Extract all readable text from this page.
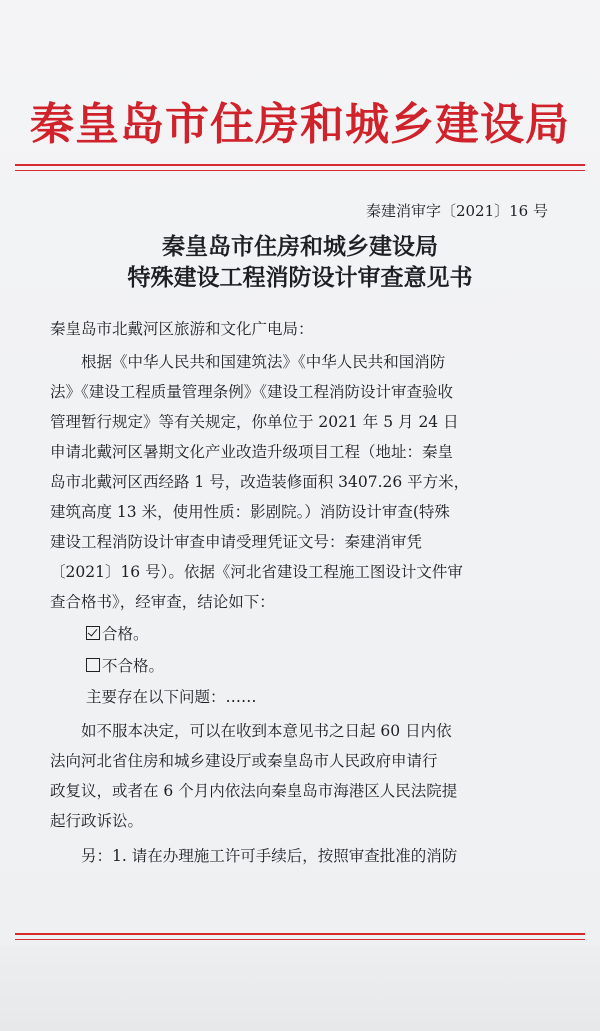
秦皇岛市住房和城乡建设局
秦建消审字〔2021〕16 号
秦皇岛市住房和城乡建设局
特殊建设工程消防设计审查意见书
秦皇岛市北戴河区旅游和文化广电局：
根据《中华人民共和国建筑法》《中华人民共和国消防
法》《建设工程质量管理条例》《建设工程消防设计审查验收
管理暂行规定》等有关规定，你单位于 2021 年 5 月 24 日
申请北戴河区暑期文化产业改造升级项目工程（地址：秦皇
岛市北戴河区西经路 1 号，改造装修面积 3407.26 平方米，
建筑高度 13 米，使用性质：影剧院。）消防设计审查(特殊
建设工程消防设计审查申请受理凭证文号：秦建消审凭
〔2021〕16 号）。依据《河北省建设工程施工图设计文件审
查合格书》，经审查，结论如下：
合格。
不合格。
主要存在以下问题：……
如不服本决定，可以在收到本意见书之日起 60 日内依
法向河北省住房和城乡建设厅或秦皇岛市人民政府申请行
政复议，或者在 6 个月内依法向秦皇岛市海港区人民法院提
起行政诉讼。
另：1. 请在办理施工许可手续后，按照审查批准的消防
